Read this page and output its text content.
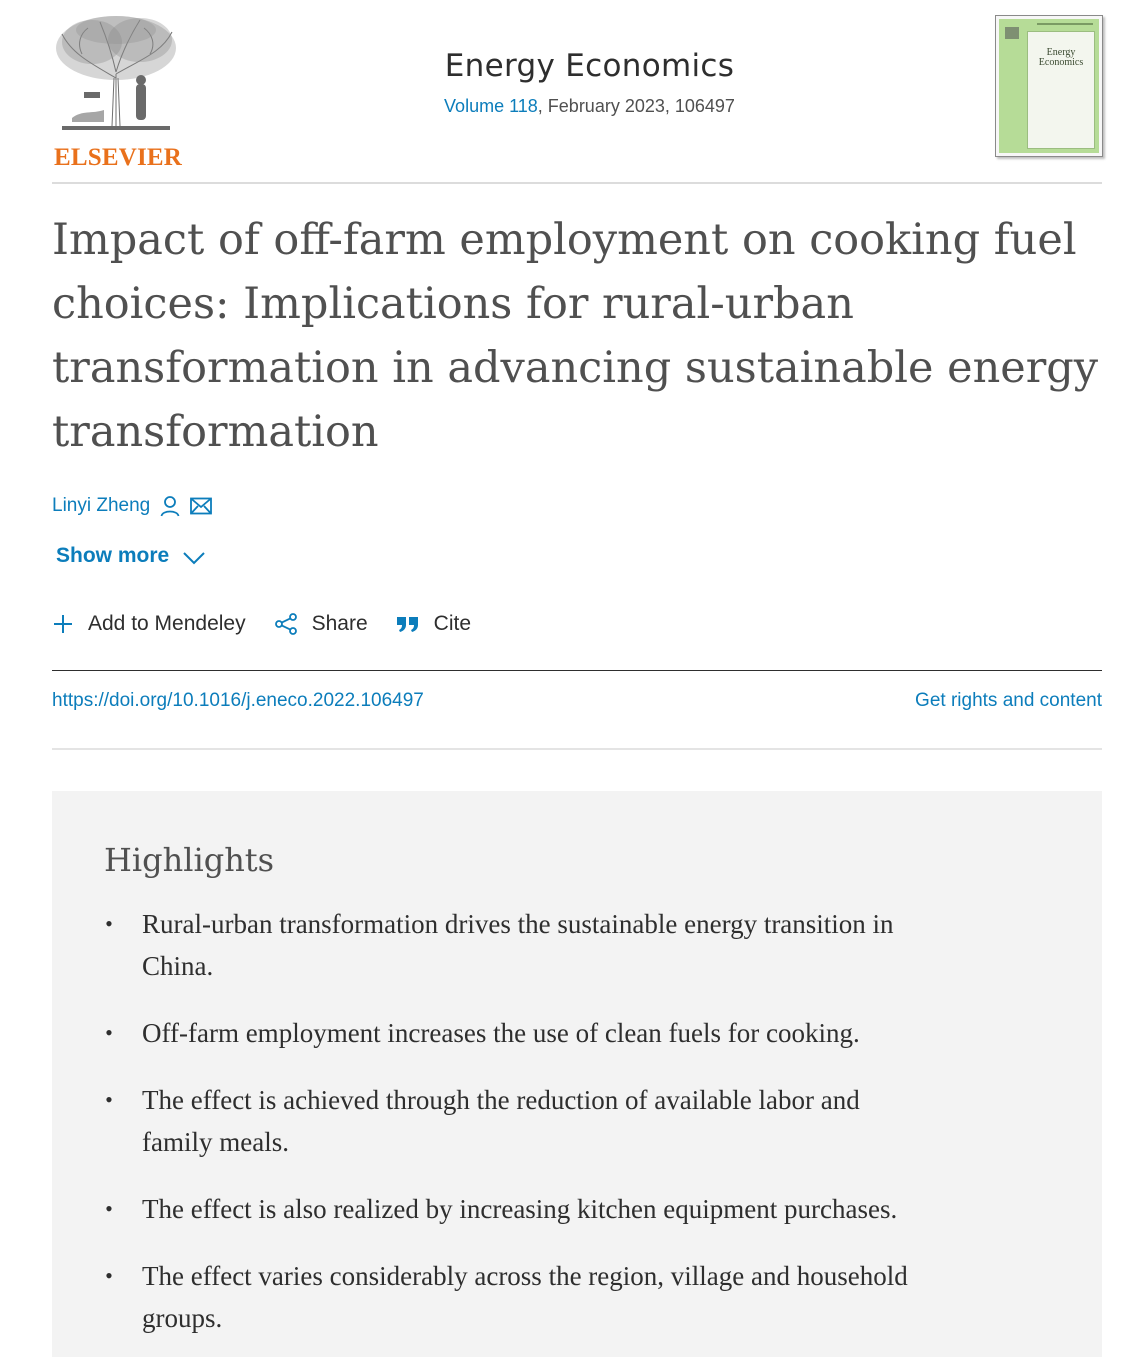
ELSEVIER
Energy Economics
Volume 118, February 2023, 106497
Energy
Economics
Impact of off-farm employment on cooking fuel
choices: Implications for rural-urban
transformation in advancing sustainable energy
transformation
Linyi Zheng
Show more
Add to Mendeley	Share	Cite
https://doi.org/10.1016/j.eneco.2022.106497	Get rights and content
Highlights
• Rural-urban transformation drives the sustainable energy transition in
China.
• Off-farm employment increases the use of clean fuels for cooking.
• The effect is achieved through the reduction of available labor and
family meals.
• The effect is also realized by increasing kitchen equipment purchases.
• The effect varies considerably across the region, village and household
groups.
